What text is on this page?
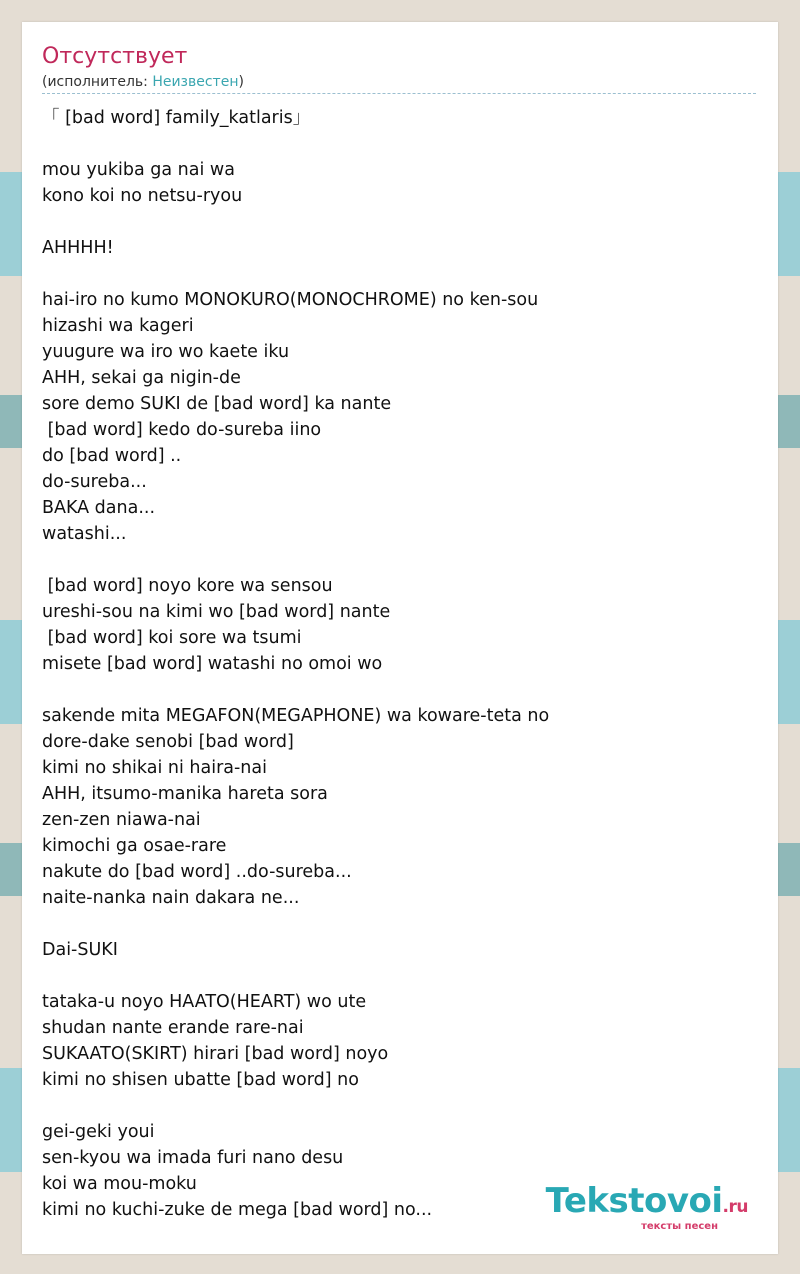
Отсутствует
(исполнитель: Неизвестен)
「 [bad word] family_katlaris」
mou yukiba ga nai wa
kono koi no netsu-ryou
AHHHH!
hai-iro no kumo MONOKURO(MONOCHROME) no ken-sou
hizashi wa kageri
yuugure wa iro wo kaete iku
AHH, sekai ga nigin-de
sore demo SUKI de [bad word] ka nante
[bad word] kedo do-sureba iino
do [bad word] ..
do-sureba...
BAKA dana...
watashi...
[bad word] noyo kore wa sensou
ureshi-sou na kimi wo [bad word] nante
[bad word] koi sore wa tsumi
misete [bad word] watashi no omoi wo
sakende mita MEGAFON(MEGAPHONE) wa koware-teta no
dore-dake senobi [bad word]
kimi no shikai ni haira-nai
AHH, itsumo-manika hareta sora
zen-zen niawa-nai
kimochi ga osae-rare
nakute do [bad word] ..do-sureba...
naite-nanka nain dakara ne...
Dai-SUKI
tataka-u noyo HAATO(HEART) wo ute
shudan nante erande rare-nai
SUKAATO(SKIRT) hirari [bad word] noyo
kimi no shisen ubatte [bad word] no
gei-geki youi
sen-kyou wa imada furi nano desu
koi wa mou-moku
kimi no kuchi-zuke de mega [bad word] no...	Tekstovoi.ru
тексты песен
